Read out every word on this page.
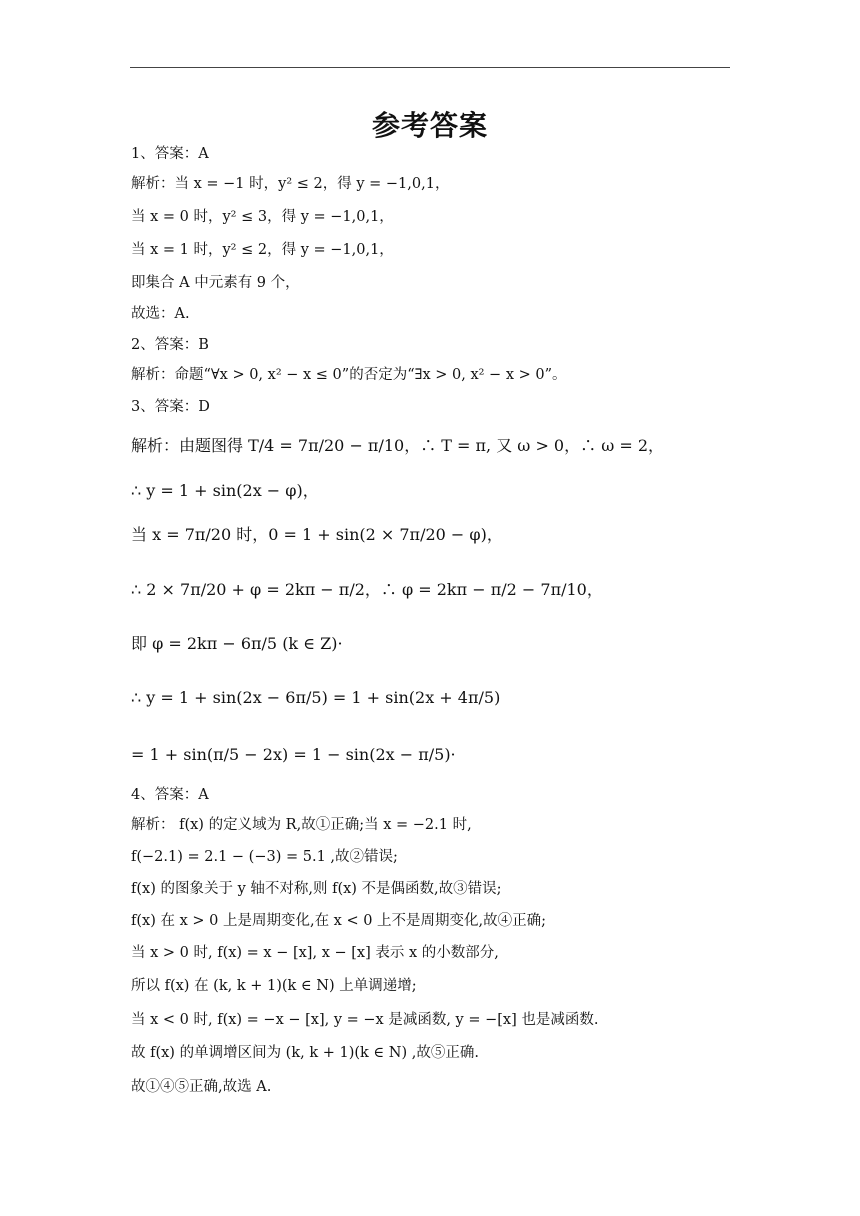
参考答案
1、答案：A
解析：当 x = −1 时，y² ≤ 2，得 y = −1,0,1，
当 x = 0 时，y² ≤ 3，得 y = −1,0,1，
当 x = 1 时，y² ≤ 2，得 y = −1,0,1，
即集合 A 中元素有 9 个，
故选：A.
2、答案：B
解析：命题“∀x > 0, x² − x ≤ 0”的否定为“∃x > 0, x² − x > 0”。
3、答案：D
解析：由题图得 T/4 = 7π/20 − π/10，∴ T = π, 又 ω > 0，∴ ω = 2，
∴ y = 1 + sin(2x − φ)，
当 x = 7π/20 时，0 = 1 + sin(2 × 7π/20 − φ)，
∴ 2 × 7π/20 + φ = 2kπ − π/2，∴ φ = 2kπ − π/2 − 7π/10，
即 φ = 2kπ − 6π/5 (k ∈ Z)·
∴ y = 1 + sin(2x − 6π/5) = 1 + sin(2x + 4π/5)
= 1 + sin(π/5 − 2x) = 1 − sin(2x − π/5)·
4、答案：A
解析： f(x) 的定义域为 R,故①正确;当 x = −2.1 时,
f(−2.1) = 2.1 − (−3) = 5.1 ,故②错误;
f(x) 的图象关于 y 轴不对称,则 f(x) 不是偶函数,故③错误;
f(x) 在 x > 0 上是周期变化,在 x < 0 上不是周期变化,故④正确;
当 x > 0 时, f(x) = x − [x], x − [x] 表示 x 的小数部分,
所以 f(x) 在 (k, k + 1)(k ∈ N) 上单调递增;
当 x < 0 时, f(x) = −x − [x], y = −x 是减函数, y = −[x] 也是减函数.
故 f(x) 的单调增区间为 (k, k + 1)(k ∈ N) ,故⑤正确.
故①④⑤正确,故选 A.
